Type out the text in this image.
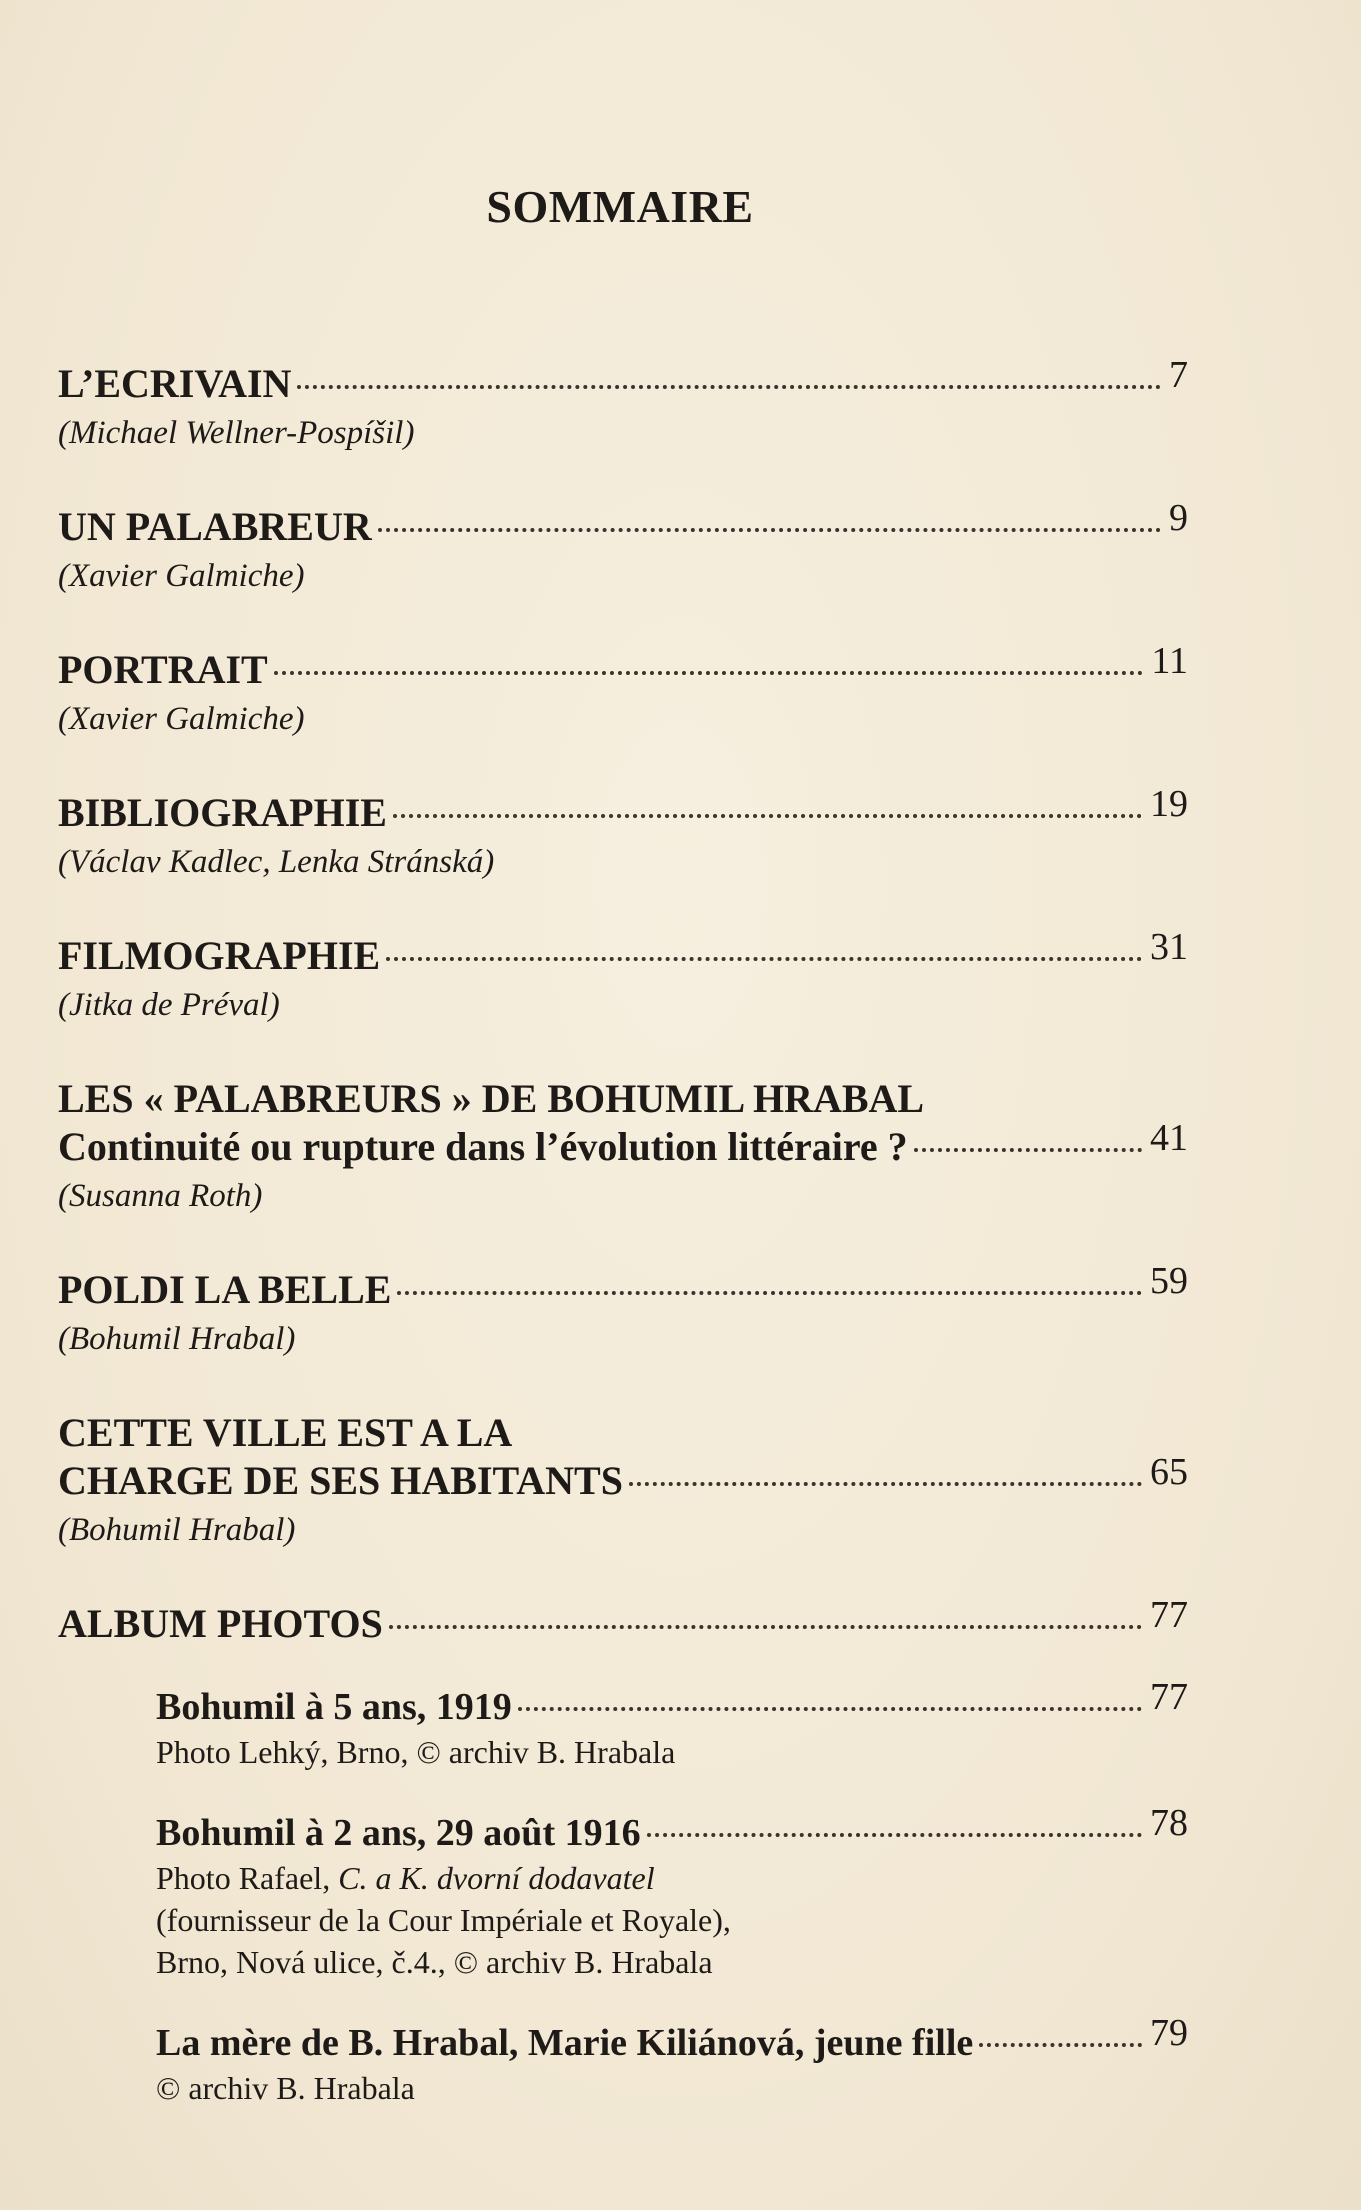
SOMMAIRE
L’ECRIVAIN	7
(Michael Wellner-Pospíšil)
UN PALABREUR	9
(Xavier Galmiche)
PORTRAIT	11
(Xavier Galmiche)
BIBLIOGRAPHIE	19
(Václav Kadlec, Lenka Stránská)
FILMOGRAPHIE	31
(Jitka de Préval)
LES « PALABREURS » DE BOHUMIL HRABAL
Continuité ou rupture dans l’évolution littéraire ?	41
(Susanna Roth)
POLDI LA BELLE	59
(Bohumil Hrabal)
CETTE VILLE EST A LA
CHARGE DE SES HABITANTS	65
(Bohumil Hrabal)
ALBUM PHOTOS	77
Bohumil à 5 ans, 1919	77
Photo Lehký, Brno, © archiv B. Hrabala
Bohumil à 2 ans, 29 août 1916	78
Photo Rafael, C. a K. dvorní dodavatel
(fournisseur de la Cour Impériale et Royale),
Brno, Nová ulice, č.4., © archiv B. Hrabala
La mère de B. Hrabal, Marie Kiliánová, jeune fille	79
© archiv B. Hrabala
